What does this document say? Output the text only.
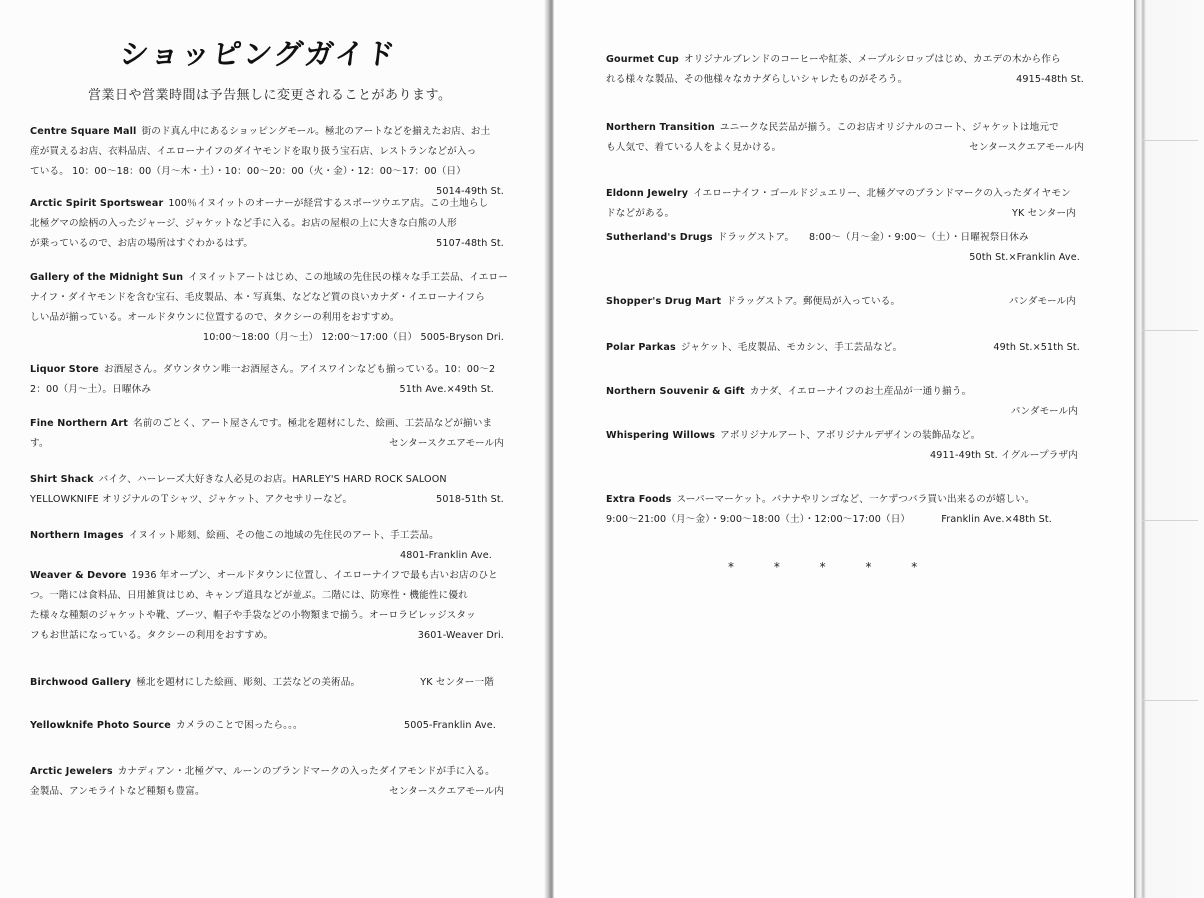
ショッピングガイド
営業日や営業時間は予告無しに変更されることがあります。
Centre Square Mall 街のド真ん中にあるショッピングモール。極北のアートなどを揃えたお店、お土
産が買えるお店、衣料品店、イエローナイフのダイヤモンドを取り扱う宝石店、レストランなどが入っ
ている。 10：00～18：00（月～木・土）・10：00～20：00（火・金）・12：00～17：00（日）
5014-49th St.
Arctic Spirit Sportswear 100％イヌイットのオーナーが経営するスポーツウエア店。この土地らし
北極グマの絵柄の入ったジャージ、ジャケットなど手に入る。お店の屋根の上に大きな白熊の人形
が乗っているので、お店の場所はすぐわかるはず。	5107-48th St.
Gallery of the Midnight Sun イヌイットアートはじめ、この地域の先住民の様々な手工芸品、イエロー
ナイフ・ダイヤモンドを含む宝石、毛皮製品、本・写真集、などなど質の良いカナダ・イエローナイフら
しい品が揃っている。オールドタウンに位置するので、タクシーの利用をおすすめ。
10:00～18:00（月～土） 12:00～17:00（日） 5005-Bryson Dri.
Liquor Store お酒屋さん。ダウンタウン唯一お酒屋さん。アイスワインなども揃っている。10：00～2
2：00（月～土）。日曜休み	51th Ave.×49th St.
Fine Northern Art 名前のごとく、アート屋さんです。極北を題材にした、絵画、工芸品などが揃いま
す。	センタースクエアモール内
Shirt Shack バイク、ハーレーズ大好きな人必見のお店。HARLEY'S HARD ROCK SALOON
YELLOWKNIFE オリジナルのＴシャツ、ジャケット、アクセサリーなど。	5018-51th St.
Northern Images イヌイット彫刻、絵画、その他この地域の先住民のアート、手工芸品。
4801-Franklin Ave.
Weaver & Devore 1936 年オープン、オールドタウンに位置し、イエローナイフで最も古いお店のひと
つ。一階には食料品、日用雑貨はじめ、キャンプ道具などが並ぶ。二階には、防寒性・機能性に優れ
た様々な種類のジャケットや靴、ブーツ、帽子や手袋などの小物類まで揃う。オーロラビレッジスタッ
フもお世話になっている。タクシーの利用をおすすめ。	3601-Weaver Dri.
Birchwood Gallery 極北を題材にした絵画、彫刻、工芸などの美術品。	YK センター一階
Yellowknife Photo Source カメラのことで困ったら。。。	5005-Franklin Ave.
Arctic Jewelers カナディアン・北極グマ、ルーンのブランドマークの入ったダイアモンドが手に入る。
金製品、アンモライトなど種類も豊富。	センタースクエアモール内
Gourmet Cup オリジナルブレンドのコーヒーや紅茶、メープルシロップはじめ、カエデの木から作ら
れる様々な製品、その他様々なカナダらしいシャレたものがそろう。	4915-48th St.
Northern Transition ユニークな民芸品が揃う。このお店オリジナルのコート、ジャケットは地元で
も人気で、着ている人をよく見かける。	センタースクエアモール内
Eldonn Jewelry イエローナイフ・ゴールドジュエリー、北極グマのブランドマークの入ったダイヤモン
ドなどがある。	YK センター内
Sutherland's Drugs ドラッグストア。　　8:00～（月～金）・9:00～（土）・日曜祝祭日休み
50th St.×Franklin Ave.
Shopper's Drug Mart ドラッグストア。郵便局が入っている。	パンダモール内
Polar Parkas ジャケット、毛皮製品、モカシン、手工芸品など。	49th St.×51th St.
Northern Souvenir & Gift カナダ、イエローナイフのお土産品が一通り揃う。
パンダモール内
Whispering Willows アボリジナルアート、アボリジナルデザインの装飾品など。
4911-49th St. イグループラザ内
Extra Foods スーパーマーケット。バナナやリンゴなど、一ケずつバラ買い出来るのが嬉しい。
9:00～21:00（月～金）・9:00～18:00（土）・12:00～17:00（日）	Franklin Ave.×48th St.
* * * * *
